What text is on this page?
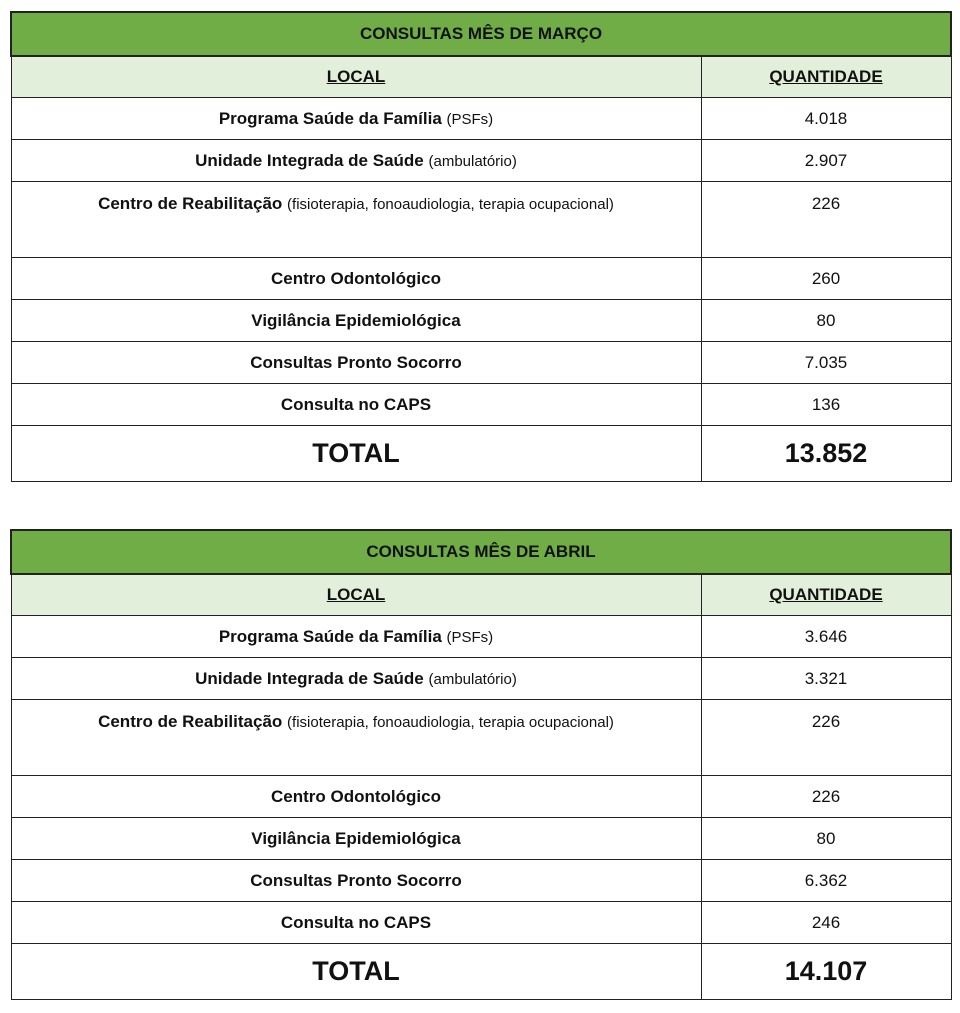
CONSULTAS MÊS DE MARÇO	
LOCAL	QUANTIDADE
Programa Saúde da Família (PSFs)	4.018
Unidade Integrada de Saúde (ambulatório)	2.907
Centro de Reabilitação (fisioterapia, fonoaudiologia, terapia ocupacional)	226
Centro Odontológico	260
Vigilância Epidemiológica	80
Consultas Pronto Socorro	7.035
Consulta no CAPS	136
TOTAL	13.852
CONSULTAS MÊS DE ABRIL	
LOCAL	QUANTIDADE
Programa Saúde da Família (PSFs)	3.646
Unidade Integrada de Saúde (ambulatório)	3.321
Centro de Reabilitação (fisioterapia, fonoaudiologia, terapia ocupacional)	226
Centro Odontológico	226
Vigilância Epidemiológica	80
Consultas Pronto Socorro	6.362
Consulta no CAPS	246
TOTAL	14.107
